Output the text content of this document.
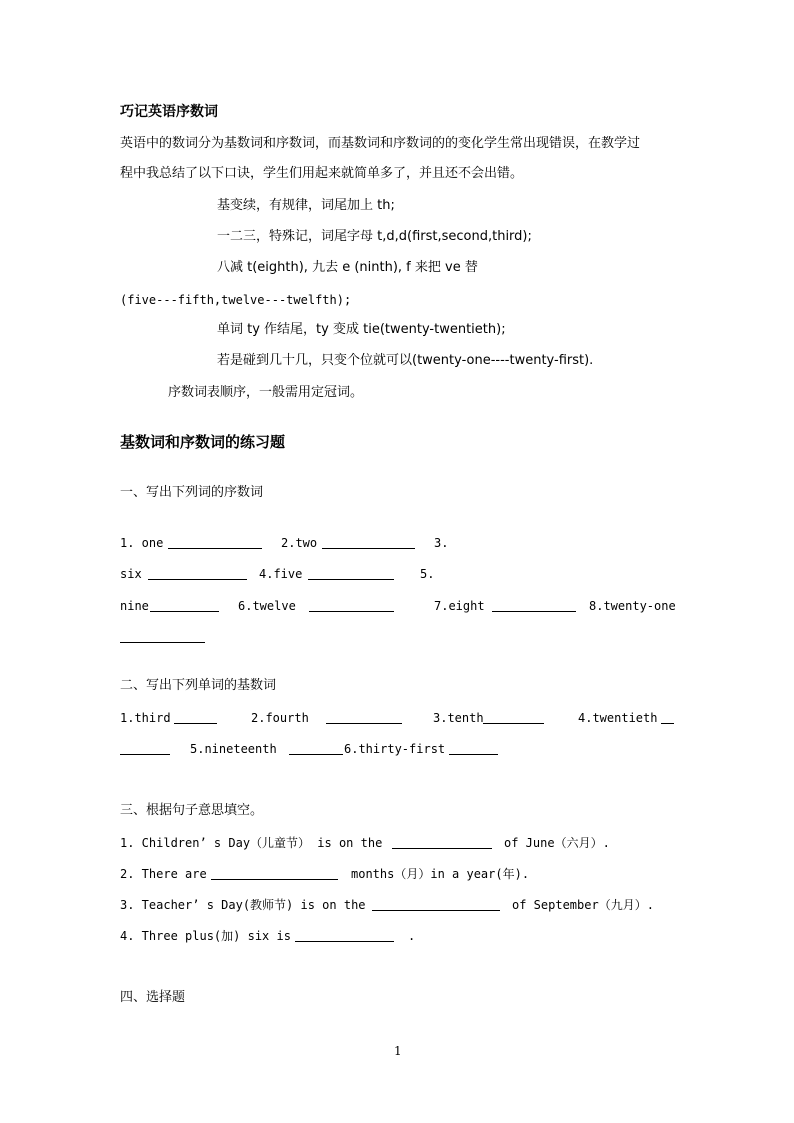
巧记英语序数词
英语中的数词分为基数词和序数词，而基数词和序数词的的变化学生常出现错误，在教学过
程中我总结了以下口诀，学生们用起来就简单多了，并且还不会出错。
基变续，有规律，词尾加上 th;
一二三，特殊记，词尾字母 t,d,d(first,second,third);
八减 t(eighth), 九去 e (ninth), f 来把 ve 替
(five---fifth,twelve---twelfth);
单词 ty 作结尾，ty 变成 tie(twenty-twentieth);
若是碰到几十几，只变个位就可以(twenty-one----twenty-first).
序数词表顺序，一般需用定冠词。
基数词和序数词的练习题
一、写出下列词的序数词
1. one	2.two	3.
six	4.five	5.
nine	6.twelve	7.eight	8.twenty-one
二、写出下列单词的基数词
1.third	2.fourth	3.tenth	4.twentieth
5.nineteenth	6.thirty-first
三、根据句子意思填空。
1. Children’ s Day（儿童节） is on the	of June（六月）.
2. There are	months（月）in a year(年).
3. Teacher’ s Day(教师节) is on the	of September（九月）.
4. Three plus(加) six is	.
四、选择题
1
